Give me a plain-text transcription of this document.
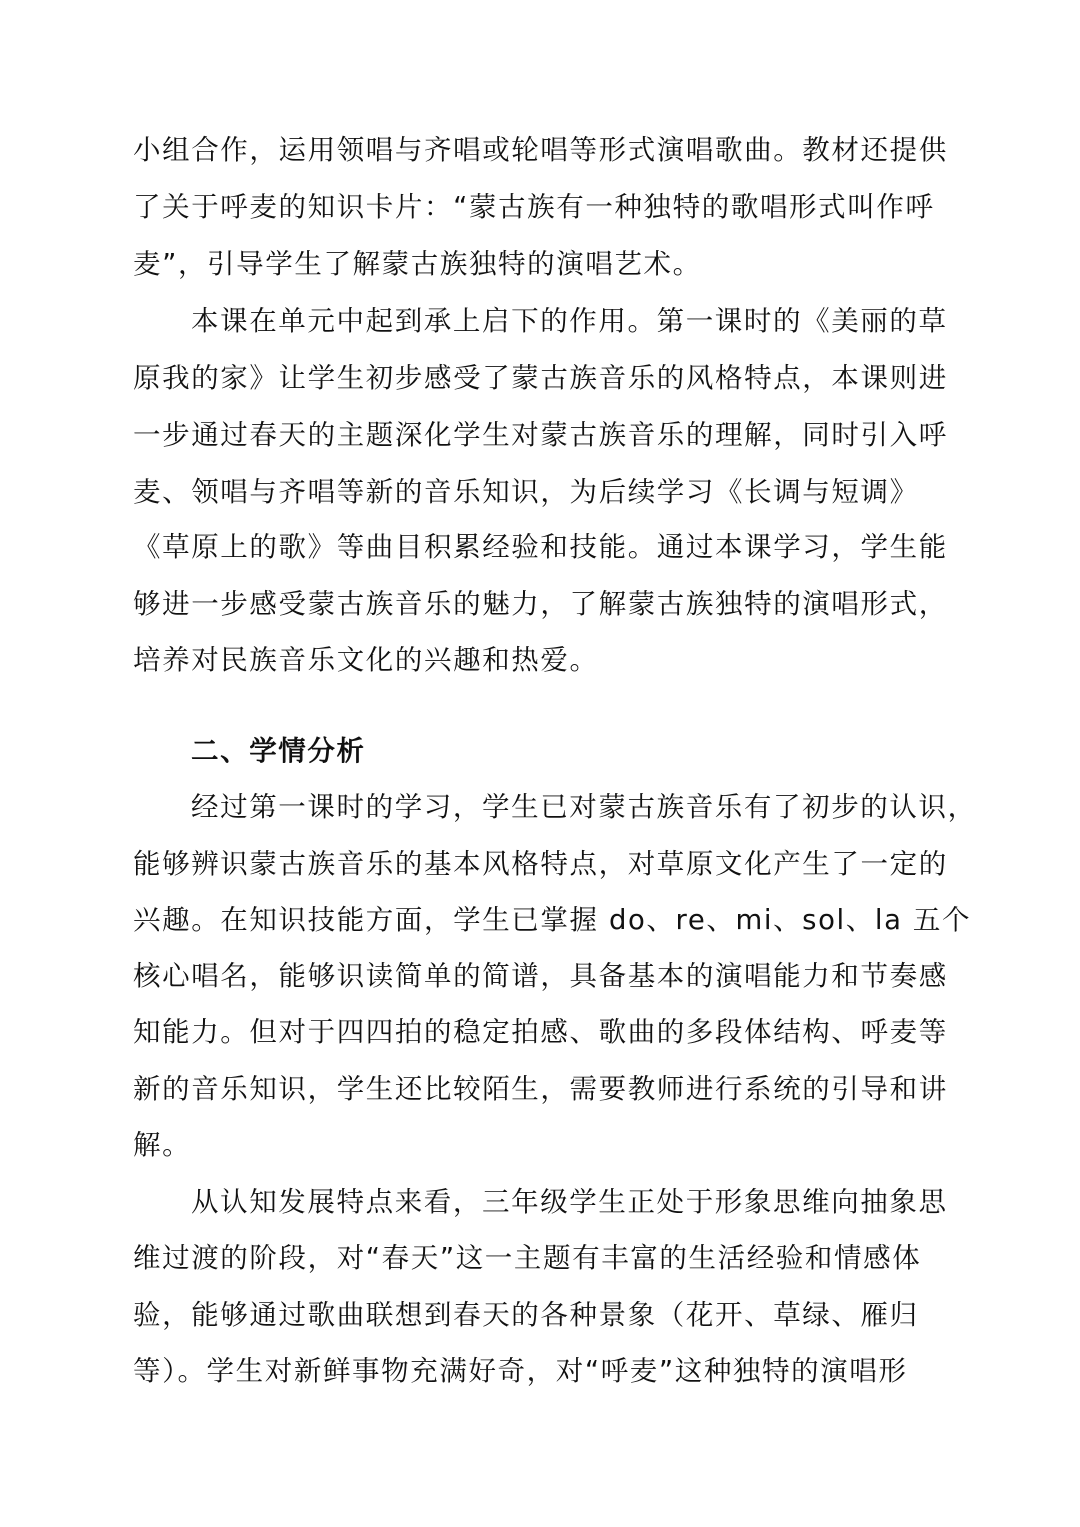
小组合作，运用领唱与齐唱或轮唱等形式演唱歌曲。教材还提供
了关于呼麦的知识卡片：“蒙古族有一种独特的歌唱形式叫作呼
麦”，引导学生了解蒙古族独特的演唱艺术。
本课在单元中起到承上启下的作用。第一课时的《美丽的草
原我的家》让学生初步感受了蒙古族音乐的风格特点，本课则进
一步通过春天的主题深化学生对蒙古族音乐的理解，同时引入呼
麦、领唱与齐唱等新的音乐知识，为后续学习《长调与短调》
《草原上的歌》等曲目积累经验和技能。通过本课学习，学生能
够进一步感受蒙古族音乐的魅力，了解蒙古族独特的演唱形式，
培养对民族音乐文化的兴趣和热爱。
二、学情分析
经过第一课时的学习，学生已对蒙古族音乐有了初步的认识，
能够辨识蒙古族音乐的基本风格特点，对草原文化产生了一定的
兴趣。在知识技能方面，学生已掌握 do、re、mi、sol、la 五个
核心唱名，能够识读简单的简谱，具备基本的演唱能力和节奏感
知能力。但对于四四拍的稳定拍感、歌曲的多段体结构、呼麦等
新的音乐知识，学生还比较陌生，需要教师进行系统的引导和讲
解。
从认知发展特点来看，三年级学生正处于形象思维向抽象思
维过渡的阶段，对“春天”这一主题有丰富的生活经验和情感体
验，能够通过歌曲联想到春天的各种景象（花开、草绿、雁归
等）。学生对新鲜事物充满好奇，对“呼麦”这种独特的演唱形
